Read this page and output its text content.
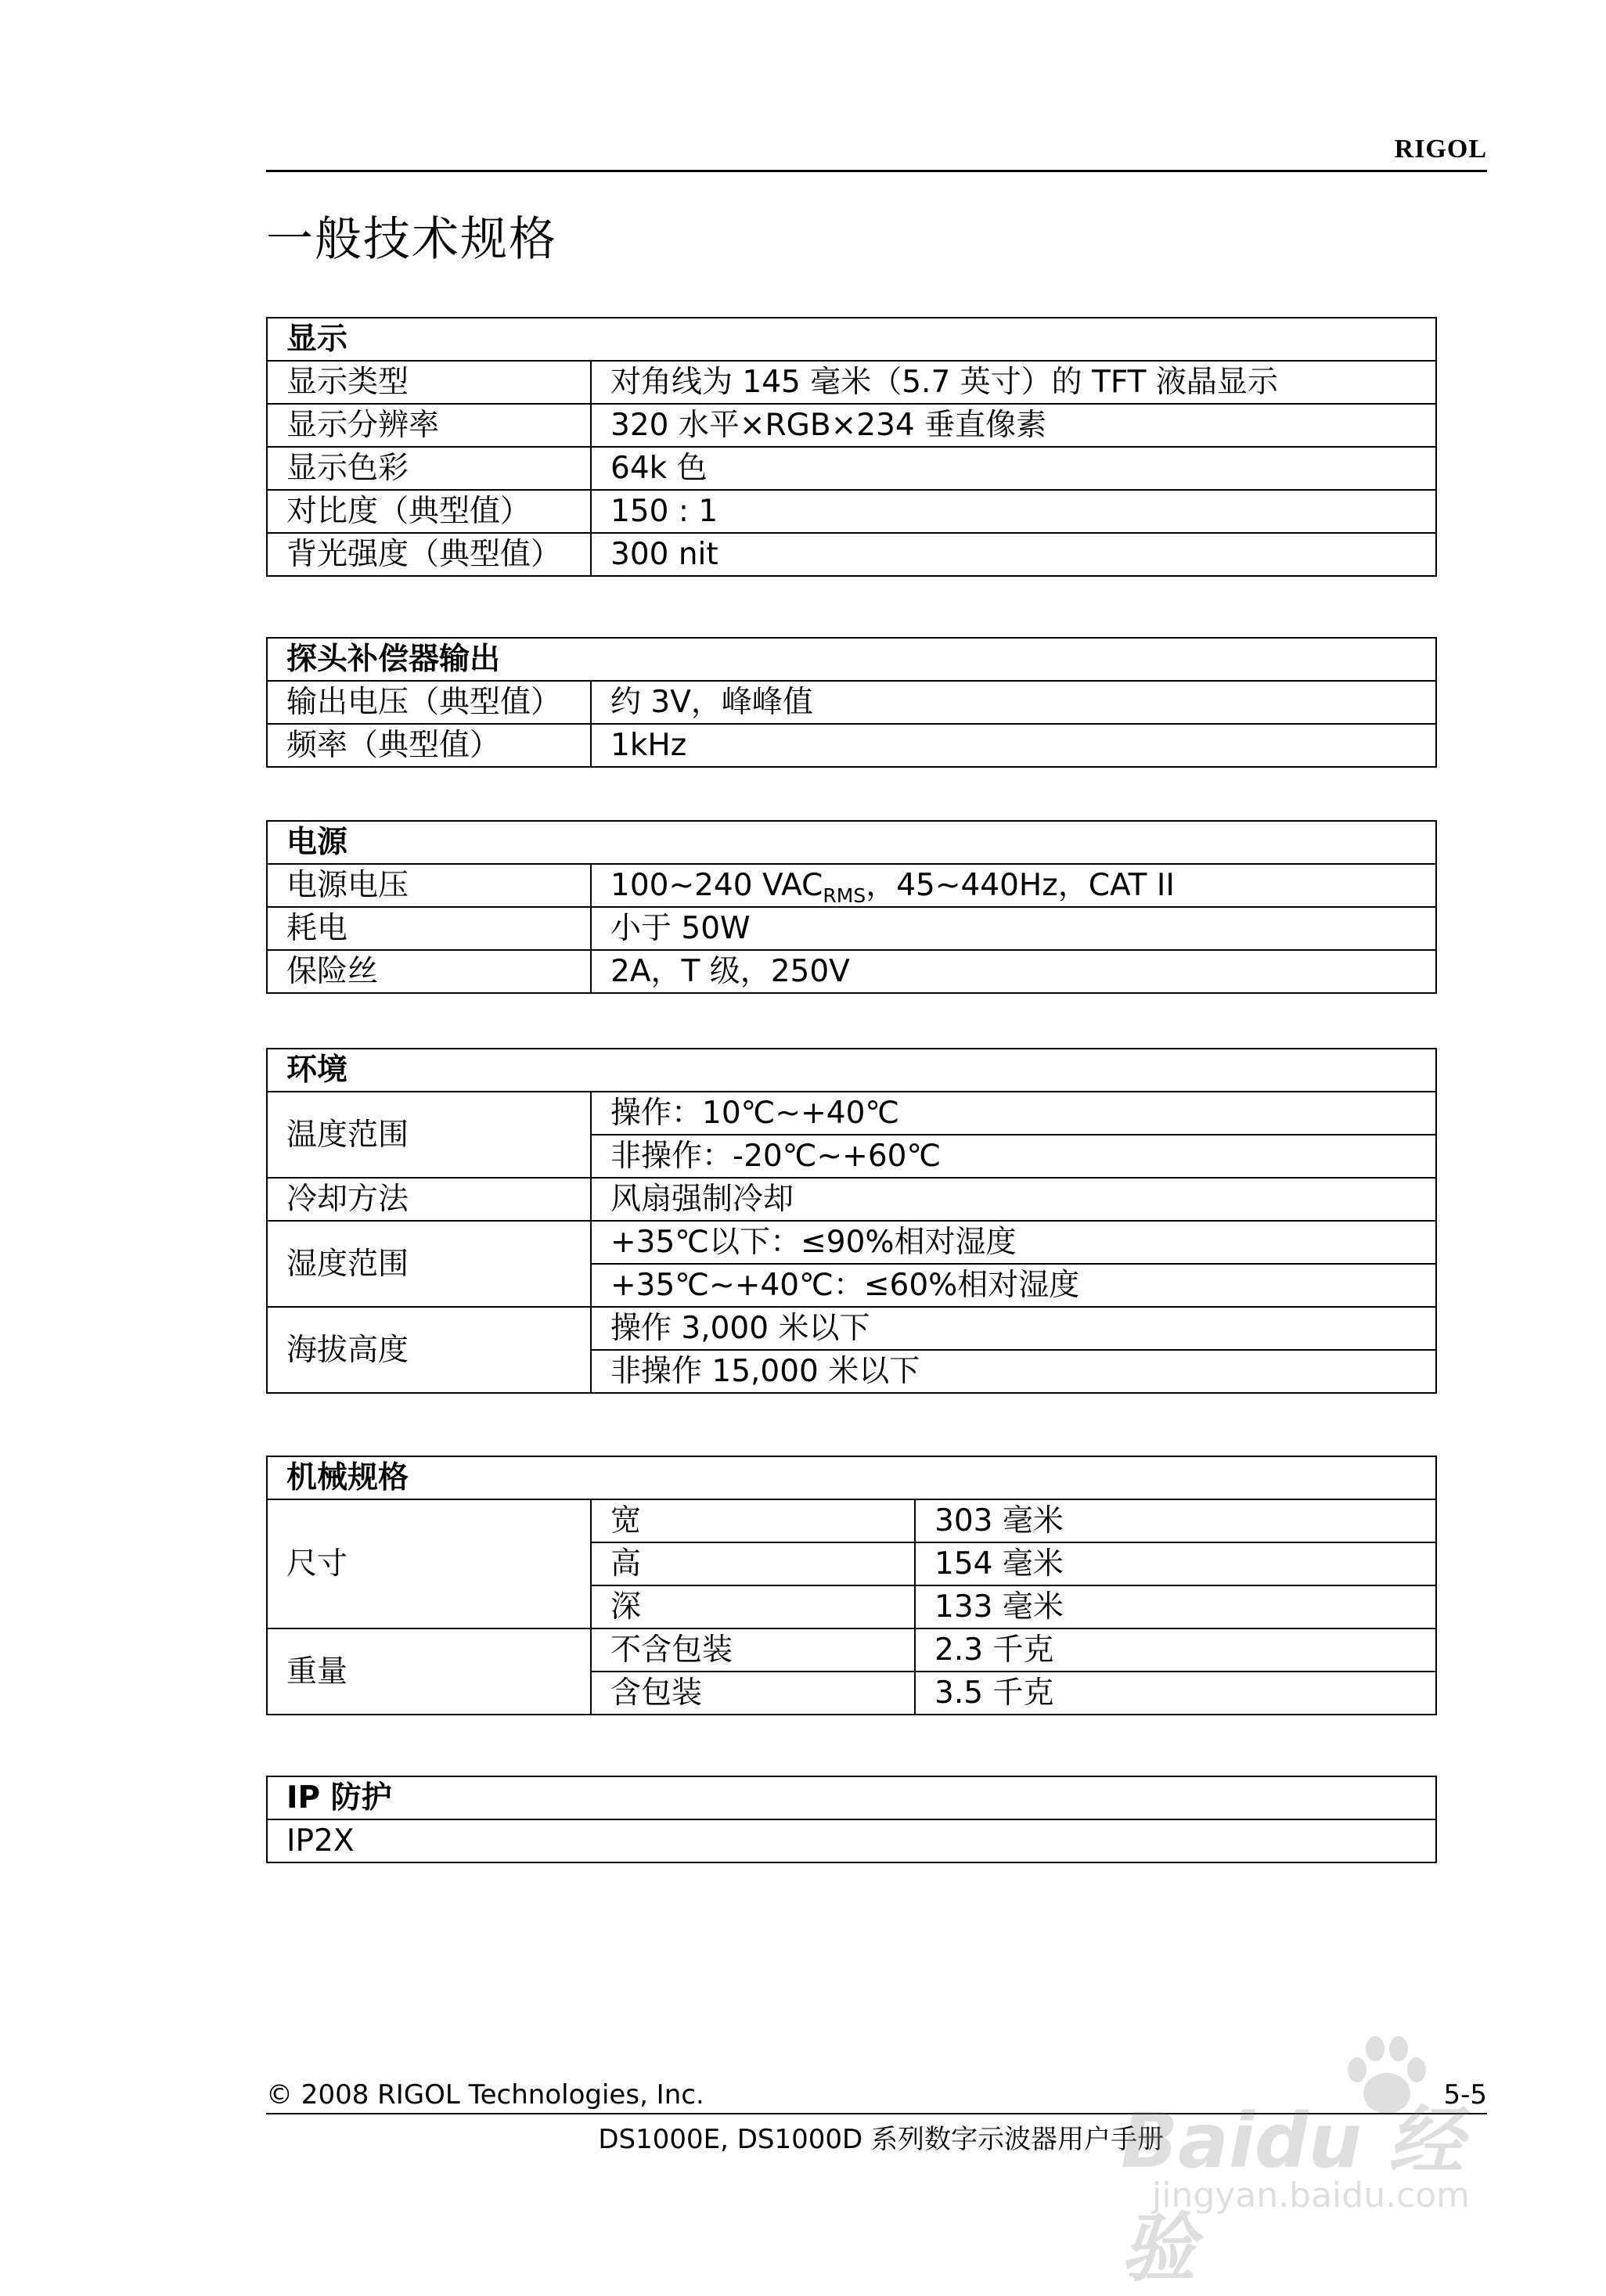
RIGOL
一般技术规格
显示	
显示类型	对角线为 145 毫米（5.7 英寸）的 TFT 液晶显示
显示分辨率	320 水平×RGB×234 垂直像素
显示色彩	64k 色
对比度（典型值）	150 : 1
背光强度（典型值）	300 nit
探头补偿器输出	
输出电压（典型值）	约 3V，峰峰值
频率（典型值）	1kHz
电源	
电源电压	100~240 $VAC_{RMS}$，45~440Hz，CAT II
耗电	小于 50W
保险丝	2A，T 级，250V
环境	
温度范围	操作：10℃~+40℃
	非操作：-20℃~+60℃
冷却方法	风扇强制冷却
湿度范围	+35℃以下：≤90%相对湿度
	+35℃~+40℃：≤60%相对湿度
海拔高度	操作 3,000 米以下
	非操作 15,000 米以下
机械规格		
尺寸	宽	303 毫米
	高	154 毫米
	深	133 毫米
重量	不含包装	2.3 千克
	含包装	3.5 千克
IP 防护
IP2X
© 2008 RIGOL Technologies, Inc.	5-5
DS1000E, DS1000D 系列数字示波器用户手册
Baidu 经验
jingyan.baidu.com
